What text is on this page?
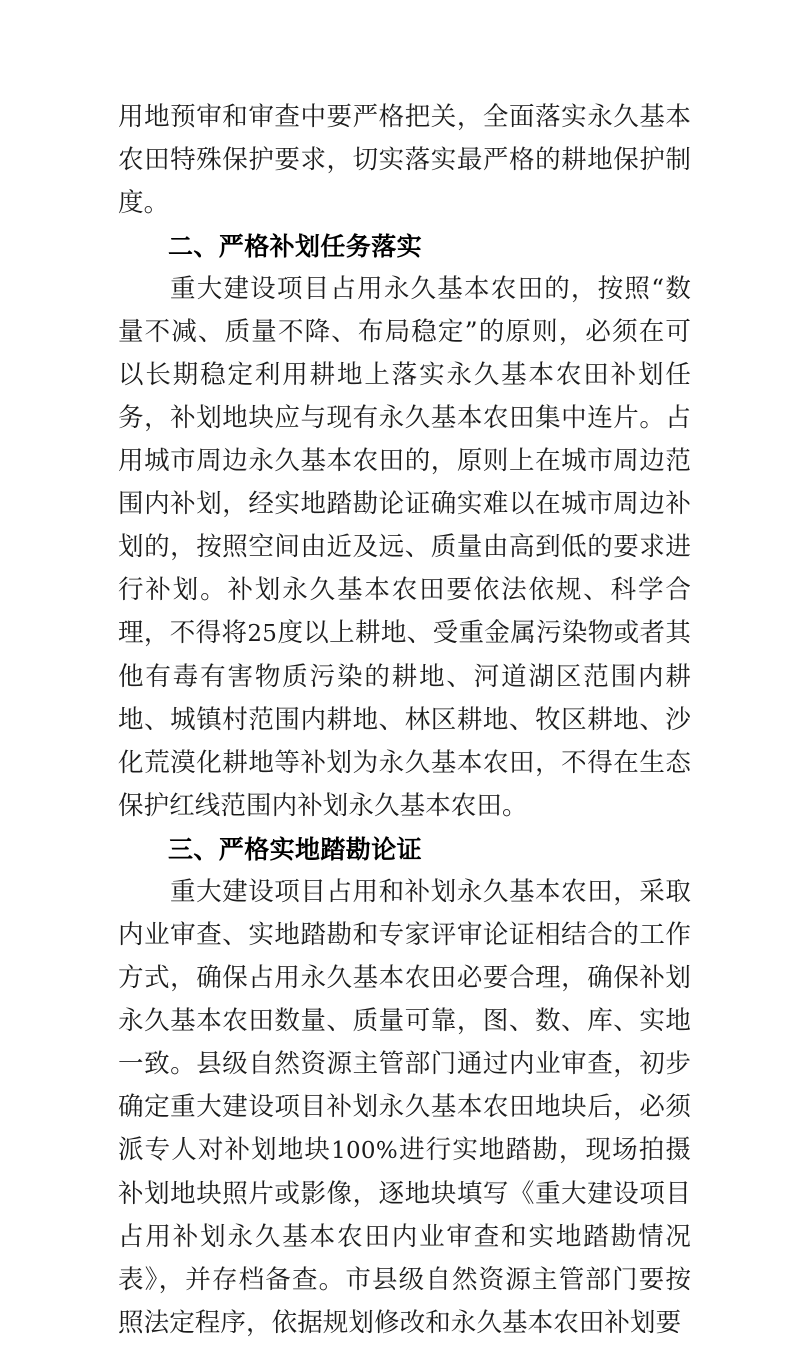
用地预审和审查中要严格把关，全面落实永久基本农田特殊保护要求，切实落实最严格的耕地保护制度。

二、严格补划任务落实

重大建设项目占用永久基本农田的，按照“数量不减、质量不降、布局稳定”的原则，必须在可以长期稳定利用耕地上落实永久基本农田补划任务，补划地块应与现有永久基本农田集中连片。占用城市周边永久基本农田的，原则上在城市周边范围内补划，经实地踏勘论证确实难以在城市周边补划的，按照空间由近及远、质量由高到低的要求进行补划。补划永久基本农田要依法依规、科学合理，不得将25度以上耕地、受重金属污染物或者其他有毒有害物质污染的耕地、河道湖区范围内耕地、城镇村范围内耕地、林区耕地、牧区耕地、沙化荒漠化耕地等补划为永久基本农田，不得在生态保护红线范围内补划永久基本农田。

三、严格实地踏勘论证

重大建设项目占用和补划永久基本农田，采取内业审查、实地踏勘和专家评审论证相结合的工作方式，确保占用永久基本农田必要合理，确保补划永久基本农田数量、质量可靠，图、数、库、实地一致。县级自然资源主管部门通过内业审查，初步确定重大建设项目补划永久基本农田地块后，必须派专人对补划地块100%进行实地踏勘，现场拍摄补划地块照片或影像，逐地块填写《重大建设项目占用补划永久基本农田内业审查和实地踏勘情况表》，并存档备查。市县级自然资源主管部门要按照法定程序，依据规划修改和永久基本农田补划要
